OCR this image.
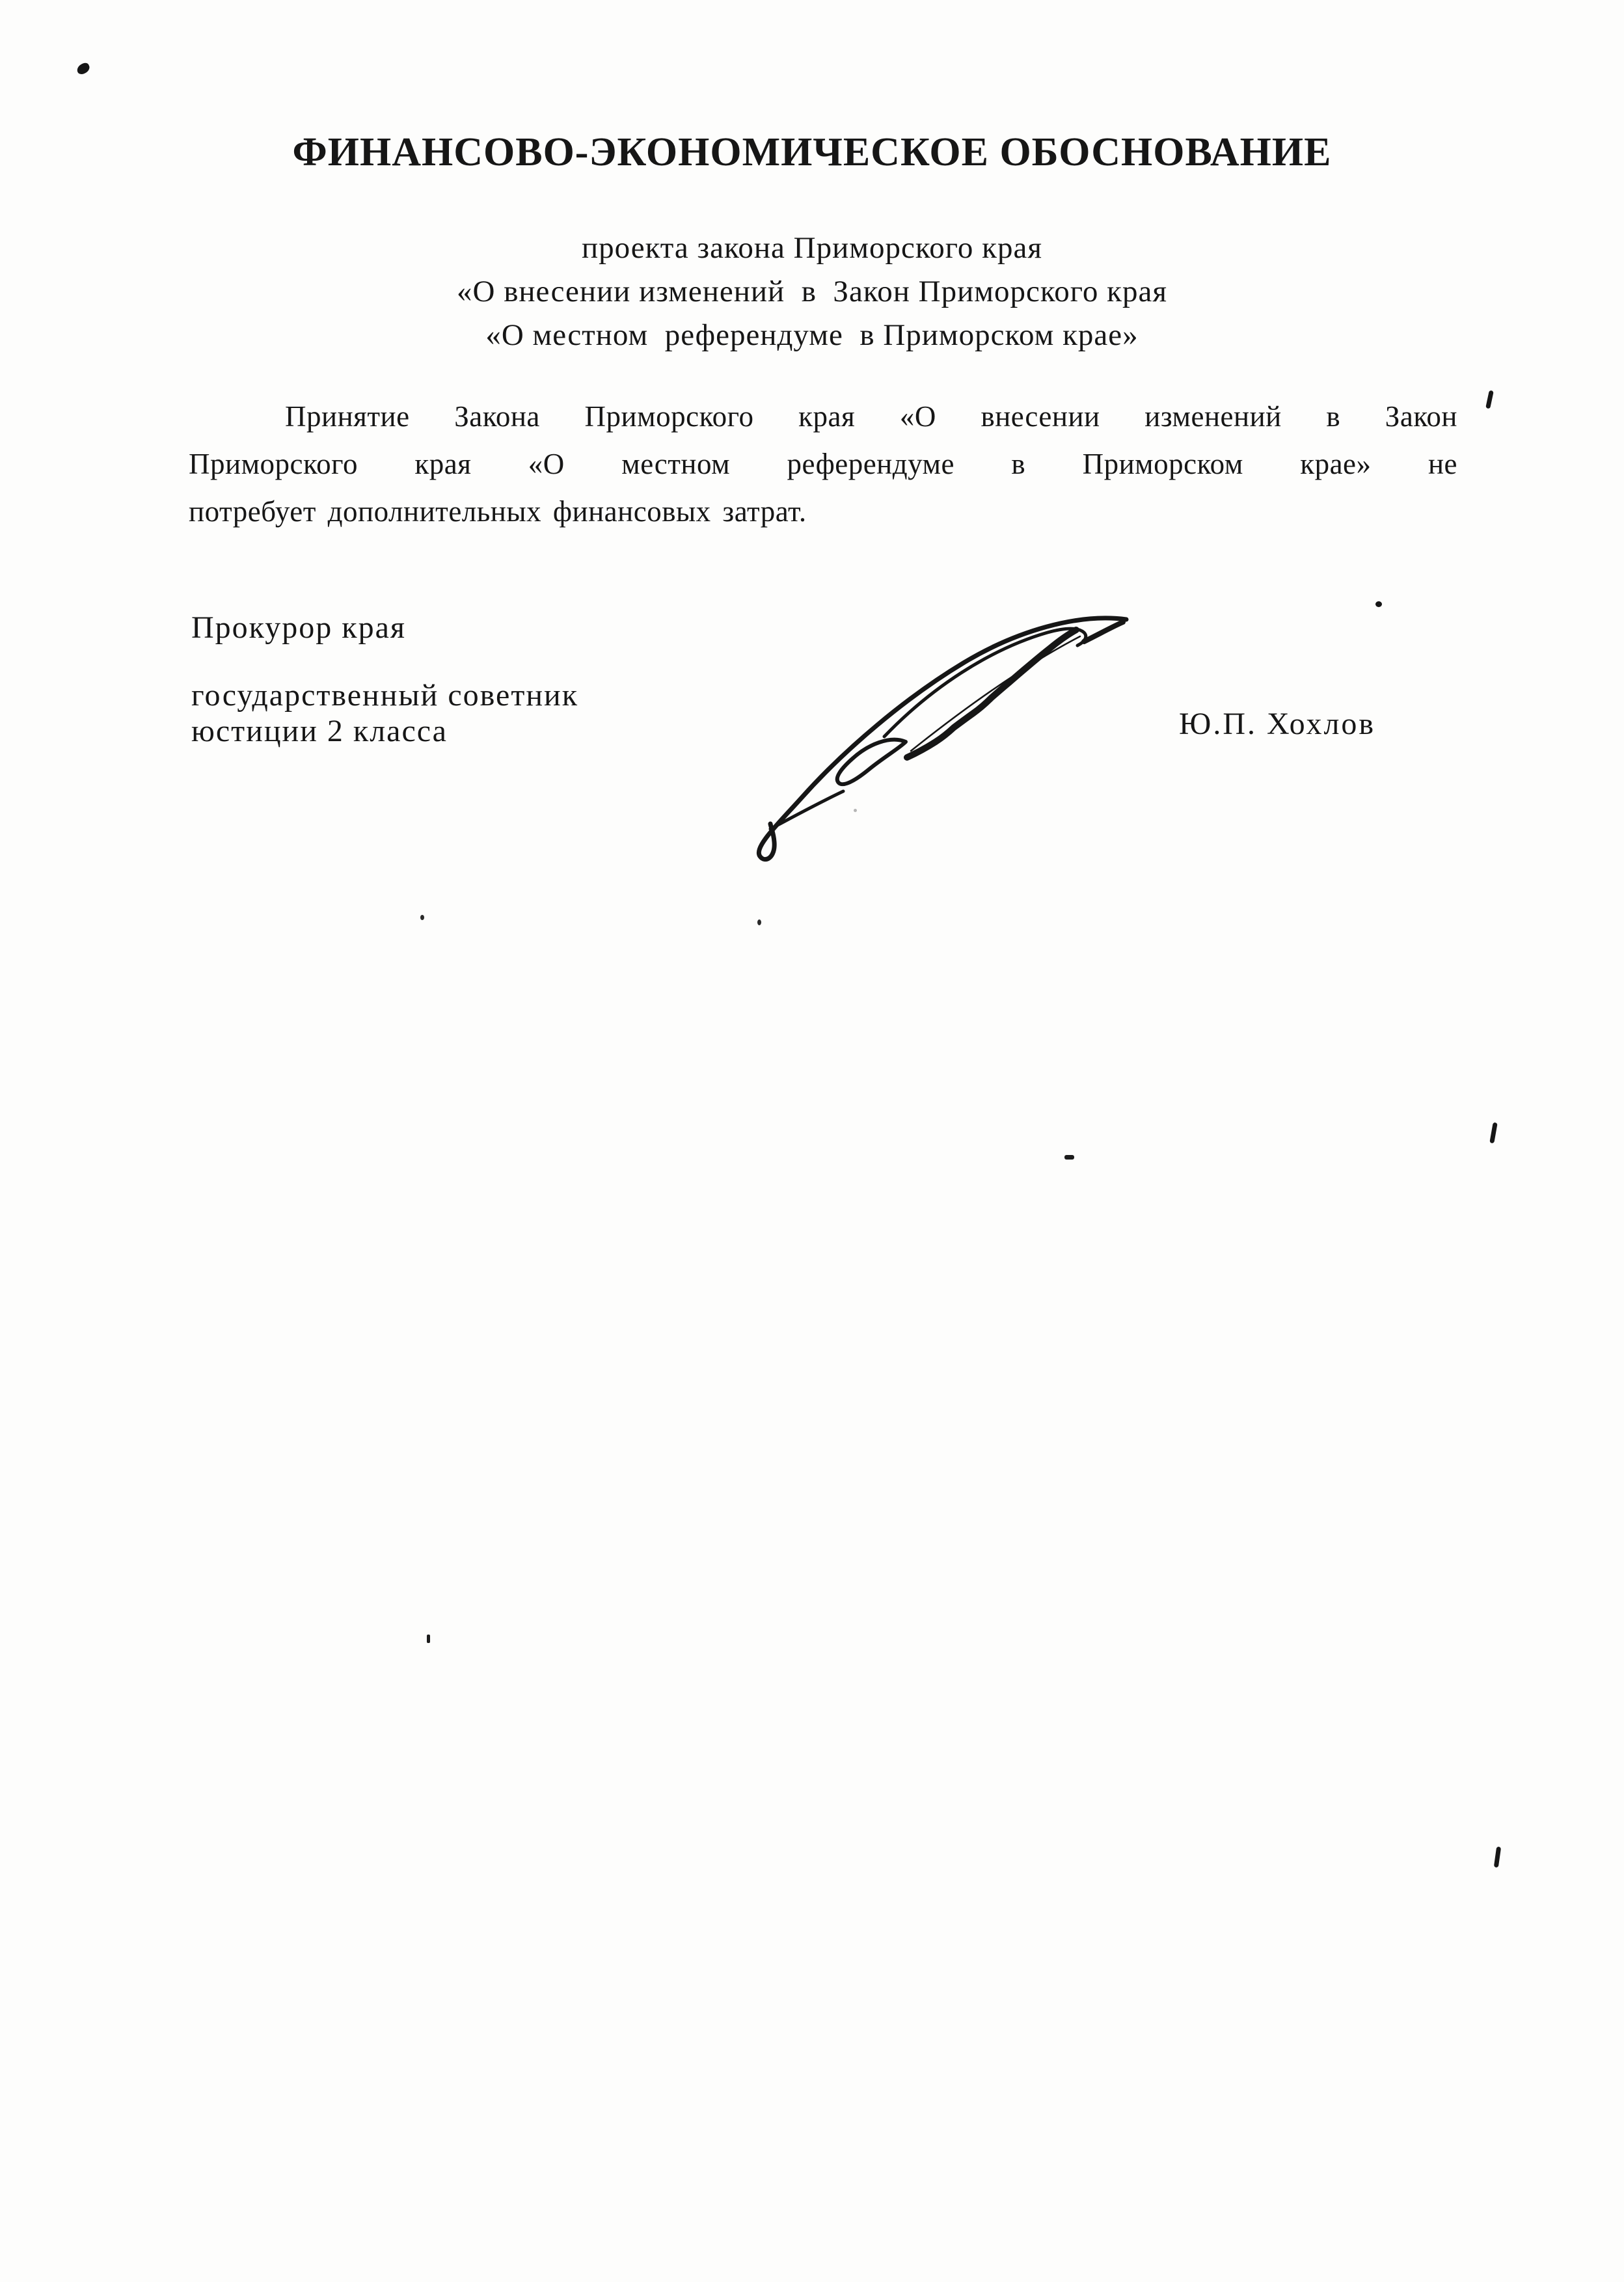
ФИНАНСОВО-ЭКОНОМИЧЕСКОЕ ОБОСНОВАНИЕ
проекта закона Приморского края
«О внесении изменений  в  Закон Приморского края
«О местном  референдуме  в Приморском крае»
Принятие Закона Приморского края «О внесении изменений в Закон
Приморского края «О местном референдуме в Приморском крае» не
потребует дополнительных финансовых затрат.
Прокурор края
государственный советник
юстиции 2 класса	Ю.П. Хохлов
